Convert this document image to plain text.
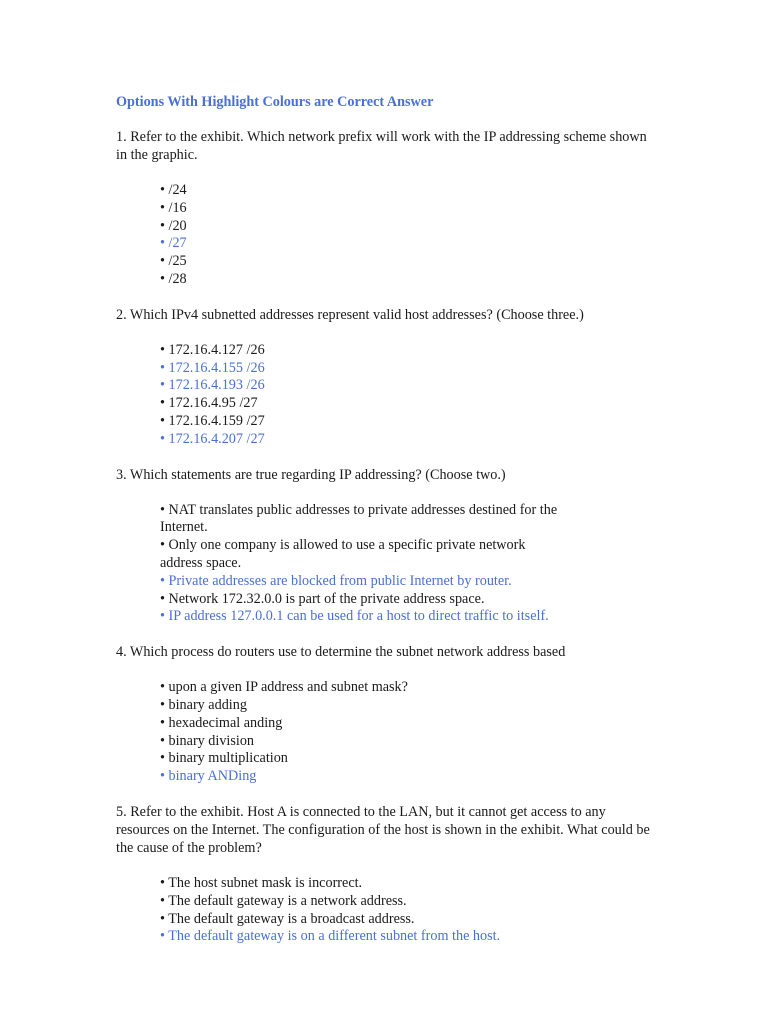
Options With Highlight Colours are Correct Answer

1. Refer to the exhibit. Which network prefix will work with the IP addressing scheme shown in the graphic.

• /24
• /16
• /20
• /27
• /25
• /28

2. Which IPv4 subnetted addresses represent valid host addresses? (Choose three.)

• 172.16.4.127 /26
• 172.16.4.155 /26
• 172.16.4.193 /26
• 172.16.4.95 /27
• 172.16.4.159 /27
• 172.16.4.207 /27

3. Which statements are true regarding IP addressing? (Choose two.)

• NAT translates public addresses to private addresses destined for the Internet.
• Only one company is allowed to use a specific private network address space.
• Private addresses are blocked from public Internet by router.
• Network 172.32.0.0 is part of the private address space.
• IP address 127.0.0.1 can be used for a host to direct traffic to itself.

4. Which process do routers use to determine the subnet network address based

• upon a given IP address and subnet mask?
• binary adding
• hexadecimal anding
• binary division
• binary multiplication
• binary ANDing

5. Refer to the exhibit. Host A is connected to the LAN, but it cannot get access to any resources on the Internet. The configuration of the host is shown in the exhibit. What could be the cause of the problem?

• The host subnet mask is incorrect.
• The default gateway is a network address.
• The default gateway is a broadcast address.
• The default gateway is on a different subnet from the host.
